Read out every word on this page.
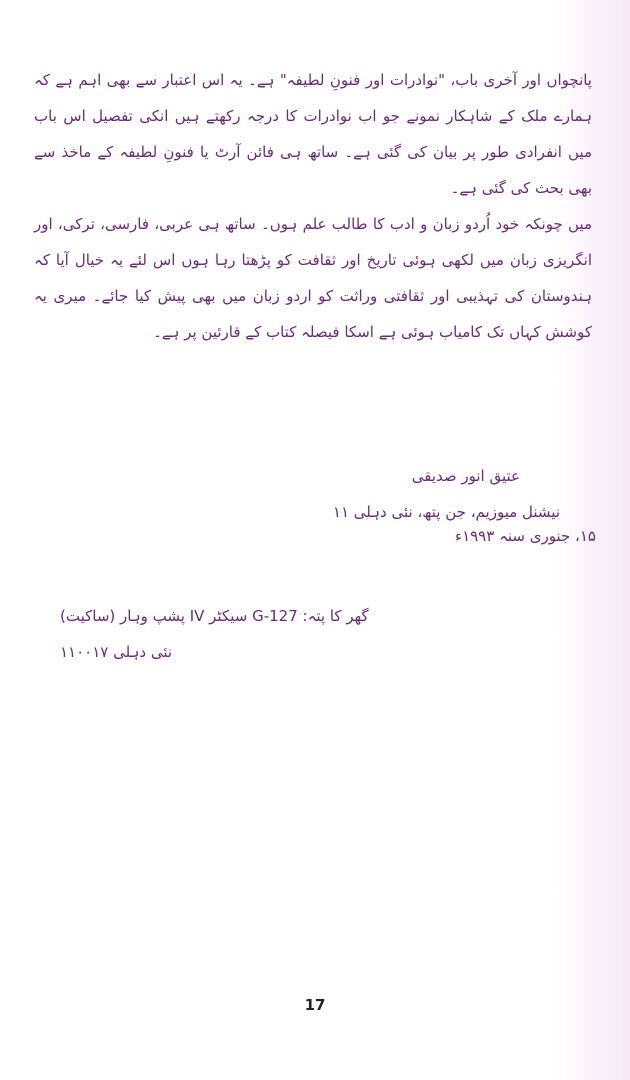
پانچواں اور آخری باب، "نوادرات اور فنونِ لطیفہ" ہے۔ یہ اس اعتبار سے بھی اہم ہے کہ ہمارے ملک کے شاہکار نمونے جو اب نوادرات کا درجہ رکھتے ہیں انکی تفصیل اس باب میں انفرادی طور پر بیان کی گئی ہے۔ ساتھ ہی فائن آرٹ یا فنونِ لطیفہ کے ماخذ سے بھی بحث کی گئی ہے۔

میں چونکہ خود اُردو زبان و ادب کا طالب علم ہوں۔ ساتھ ہی عربی، فارسی، ترکی، اور انگریزی زبان میں لکھی ہوئی تاریخ اور ثقافت کو پڑھتا رہا ہوں اس لئے یہ خیال آیا کہ ہندوستان کی تہذیبی اور ثقافتی وراثت کو اردو زبان میں بھی پیش کیا جائے۔ میری یہ کوشش کہاں تک کامیاب ہوئی ہے اسکا فیصلہ کتاب کے قارئین پر ہے۔

عتیق انور صدیقی
نیشنل میوزیم، جن پتھ، نئی دہلی ۱۱
۱۵، جنوری سنہ ۱۹۹۳ء
گھر کا پتہ: G-127 سیکٹر IV پشپ وہار (ساکیت)
نئی دہلی ۱۱۰۰۱۷
17
